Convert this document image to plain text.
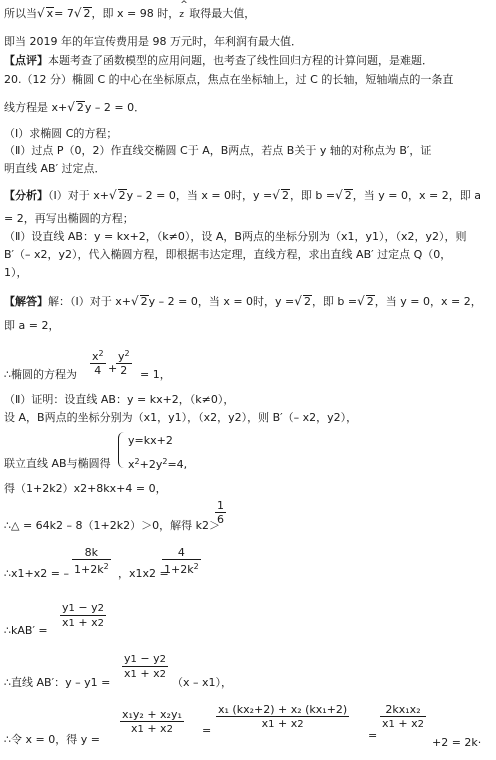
所以当√ x= 7√ 2，即 x = 98 时，
^
z 取得最大值，
即当 2019 年的年宣传费用是 98 万元时，年利润有最大值．
【点评】本题考查了函数模型的应用问题，也考查了线性回归方程的计算问题，是难题．
20.（12 分）椭圆 C 的中心在坐标原点，焦点在坐标轴上，过 C 的长轴，短轴端点的一条直
线方程是 x+√ 2y – 2 = 0．
（Ⅰ）求椭圆 C的方程；
（Ⅱ）过点 P（0，2）作直线交椭圆 C于 A，B两点，若点 B关于 y 轴的对称点为 B′，证
明直线 AB′ 过定点．
【分析】（Ⅰ）对于 x+√ 2y – 2 = 0，当 x = 0时，y =√ 2，即 b =√ 2，当 y = 0，x = 2，即 a
= 2，再写出椭圆的方程；
（Ⅱ）设直线 AB：y = kx+2，（k≠0），设 A，B两点的坐标分别为（x1，y1），（x2，y2），则
B′（– x2，y2），代入椭圆方程，即根据韦达定理，直线方程，求出直线 AB′ 过定点 Q（0，
1），
【解答】解：（Ⅰ）对于 x+√ 2y – 2 = 0，当 x = 0时，y =√ 2，即 b =√ 2，当 y = 0，x = 2，
即 a = 2，
∴椭圆的方程为 $\frac{x^2}{4}$ +
$\frac{y^2}{2} = 1$，
（Ⅱ）证明：设直线 AB：y = kx+2，（k≠0），
设 A，B两点的坐标分别为（x1，y1），（x2，y2），则 B′（– x2，y2），
联立直线 AB与椭圆得
y=kx+2
$x^2+2y^2=4$,
得（1+2k2）x2+8kx+4 = 0，
∴△ = 64k2 – 8（1+2k2）＞0，解得 k2＞
$\frac{1}{6}$
∴x1+x2 = – $\frac{8k}{1+2k^2}$ ，x1x2 =
$\frac{4}{1+2k^2}$
∴kAB′ =
$\frac{y1 - y2}{x1 + x2}$
∴直线 AB′：y – y1 =
$\frac{y1 - y2}{x1 + x2}$
（x – x1），
∴令 x = 0，得 y =
$\frac{\text{x₁y₂ + x₂y₁}}{x1 + x2} = \frac{\text{x₁ (kx₂+2) + x₂ (kx₁+2)}}{x1 + x2}$
=
$\frac{\text{2kx₁x₂}}{x1 + x2}$
+2 = 2k·
